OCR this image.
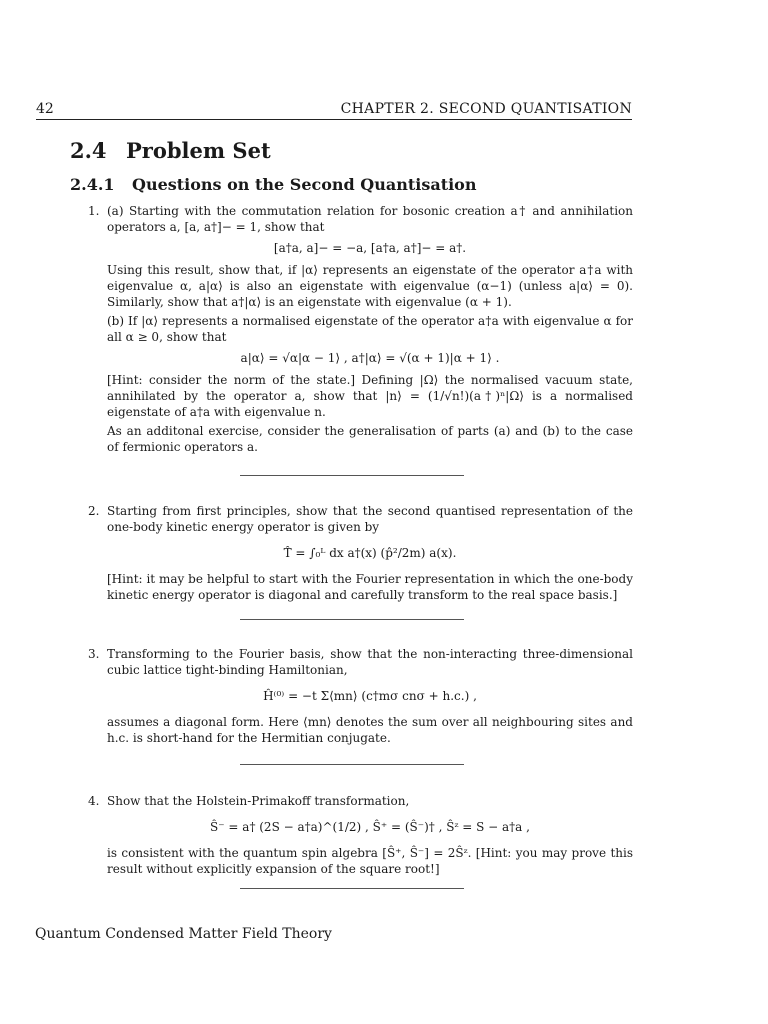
42	CHAPTER 2. SECOND QUANTISATION
2.4 Problem Set
2.4.1 Questions on the Second Quantisation
1. (a) Starting with the commutation relation for bosonic creation a† and annihilation operators a, [a, a†]− = 1, show that

[a†a, a]− = −a, [a†a, a†]− = a†.

Using this result, show that, if |α⟩ represents an eigenstate of the operator a†a with eigenvalue α, a|α⟩ is also an eigenstate with eigenvalue (α−1) (unless a|α⟩ = 0). Similarly, show that a†|α⟩ is an eigenstate with eigenvalue (α + 1).

(b) If |α⟩ represents a normalised eigenstate of the operator a†a with eigenvalue α for all α ≥ 0, show that

a|α⟩ = √α|α − 1⟩ , a†|α⟩ = √(α + 1)|α + 1⟩ .

[Hint: consider the norm of the state.] Defining |Ω⟩ the normalised vacuum state, annihilated by the operator a, show that |n⟩ = (1/√n!)(a†)ⁿ|Ω⟩ is a normalised eigenstate of a†a with eigenvalue n.

As an additonal exercise, consider the generalisation of parts (a) and (b) to the case of fermionic operators a.

2. Starting from first principles, show that the second quantised representation of the one-body kinetic energy operator is given by

T̂ = ∫₀ᴸ dx a†(x) (p̂²/2m) a(x).

[Hint: it may be helpful to start with the Fourier representation in which the one-body kinetic energy operator is diagonal and carefully transform to the real space basis.]

3. Transforming to the Fourier basis, show that the non-interacting three-dimensional cubic lattice tight-binding Hamiltonian,

Ĥ⁽⁰⁾ = −t Σ⟨mn⟩ (c†mσ cnσ + h.c.) ,

assumes a diagonal form. Here ⟨mn⟩ denotes the sum over all neighbouring sites and h.c. is short-hand for the Hermitian conjugate.

4. Show that the Holstein-Primakoff transformation,

Ŝ⁻ = a† (2S − a†a)^(1/2) , Ŝ⁺ = (Ŝ⁻)† , Ŝᶻ = S − a†a ,

is consistent with the quantum spin algebra [Ŝ⁺, Ŝ⁻] = 2Ŝᶻ. [Hint: you may prove this result without explicitly expansion of the square root!]

Quantum Condensed Matter Field Theory
